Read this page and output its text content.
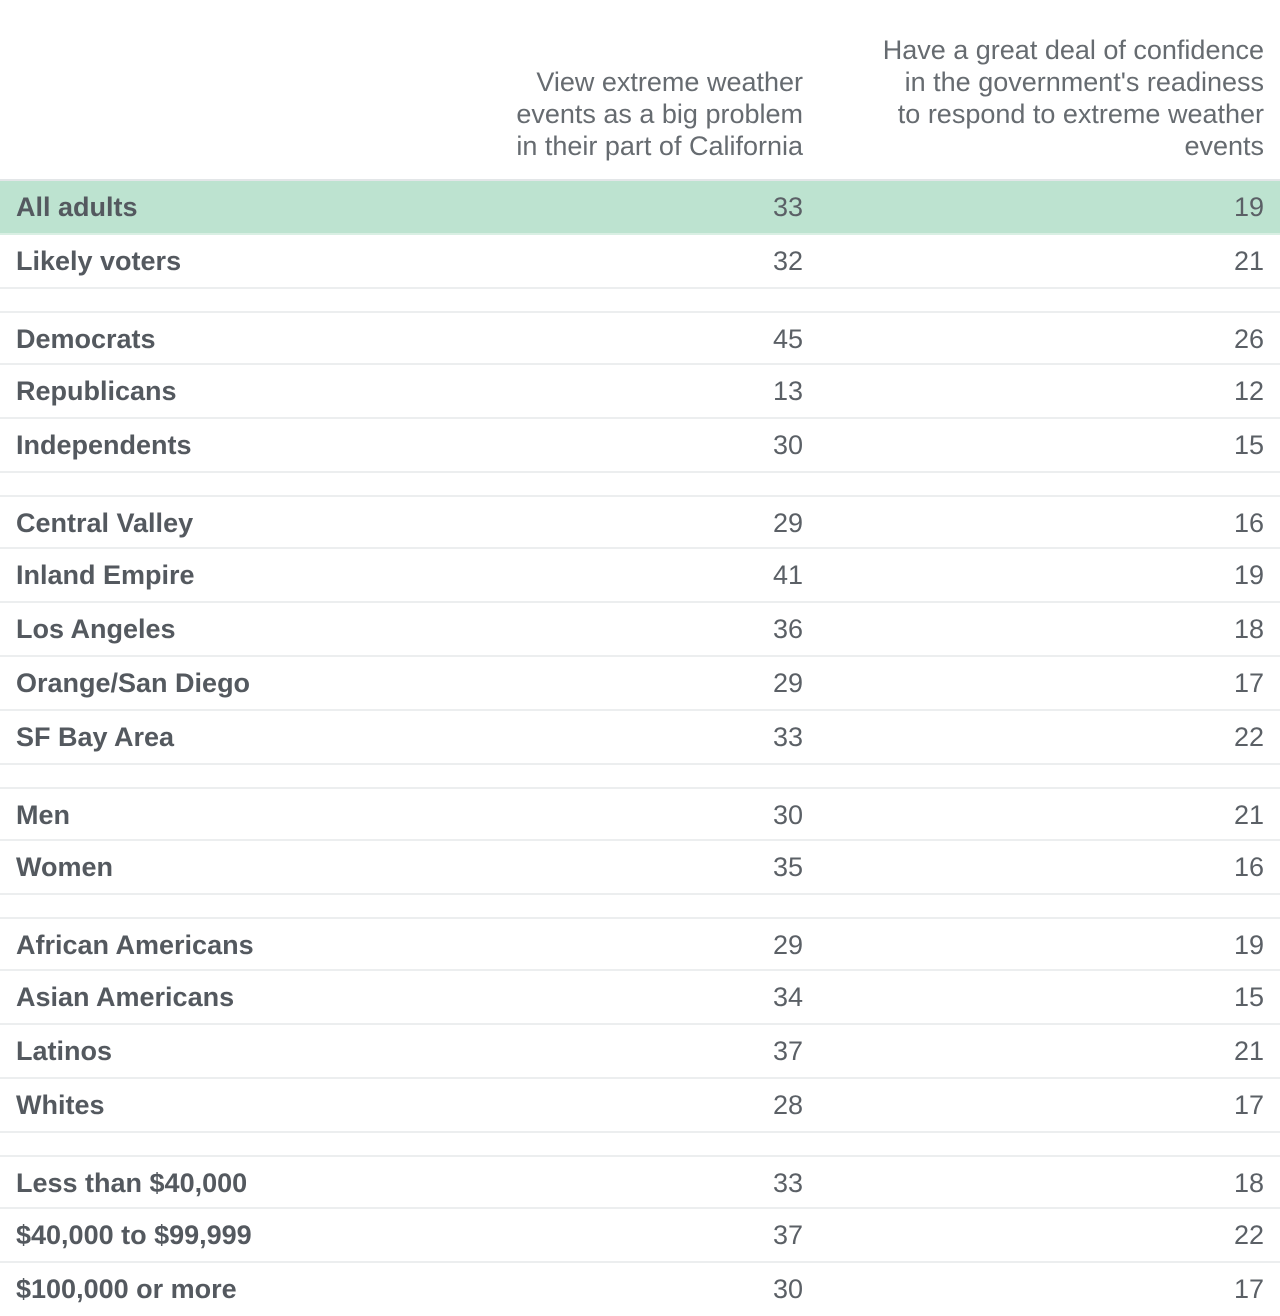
View extreme weather
events as a big problem
in their part of California
Have a great deal of confidence
in the government's readiness
to respond to extreme weather
events
All adults	33	19
Likely voters	32	21
Democrats	45	26
Republicans	13	12
Independents	30	15
Central Valley	29	16
Inland Empire	41	19
Los Angeles	36	18
Orange/San Diego	29	17
SF Bay Area	33	22
Men	30	21
Women	35	16
African Americans	29	19
Asian Americans	34	15
Latinos	37	21
Whites	28	17
Less than $40,000	33	18
$40,000 to $99,999	37	22
$100,000 or more	30	17
